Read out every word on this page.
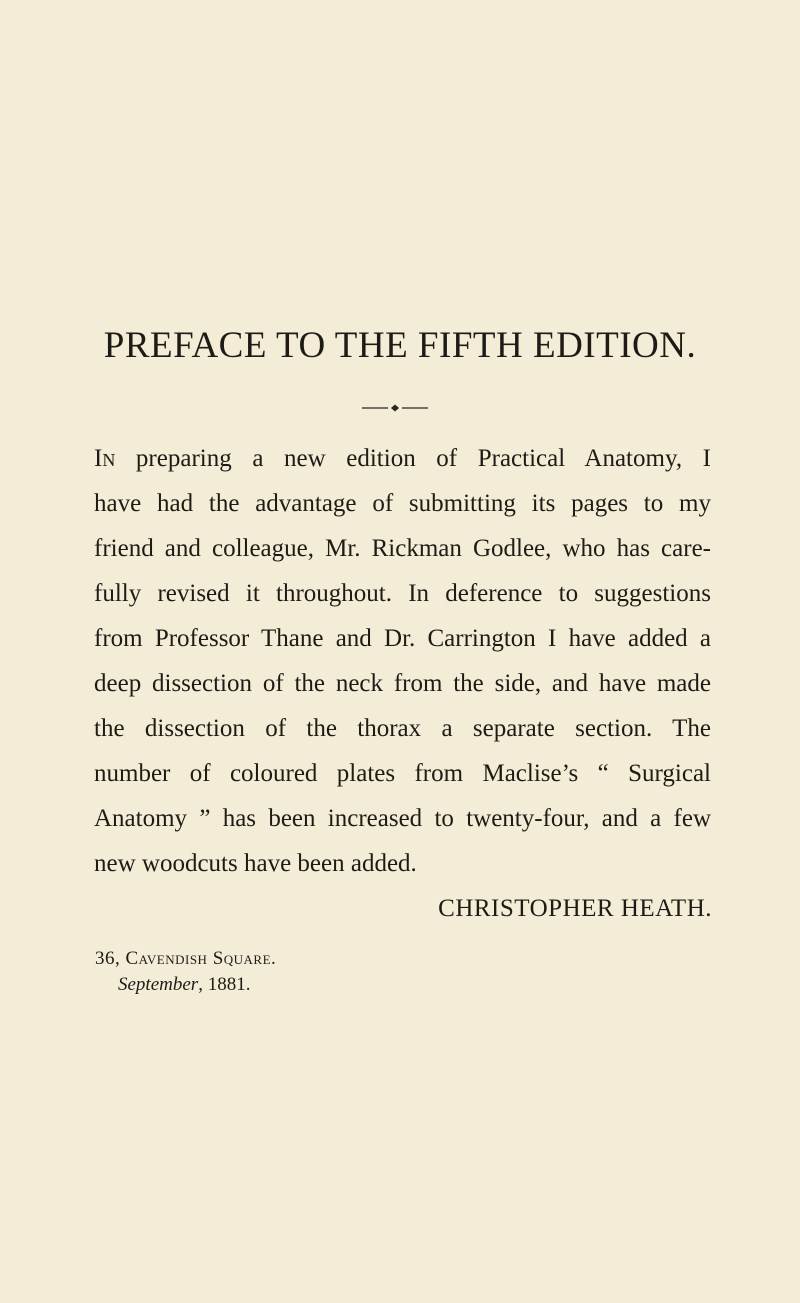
PREFACE TO THE FIFTH EDITION.
In preparing a new edition of Practical Anatomy, I
have had the advantage of submitting its pages to my
friend and colleague, Mr. Rickman Godlee, who has care-
fully revised it throughout. In deference to suggestions
from Professor Thane and Dr. Carrington I have added a
deep dissection of the neck from the side, and have made
the dissection of the thorax a separate section. The
number of coloured plates from Maclise’s “ Surgical
Anatomy ” has been increased to twenty-four, and a few
new woodcuts have been added.
CHRISTOPHER HEATH.
36, Cavendish Square.
September, 1881.
